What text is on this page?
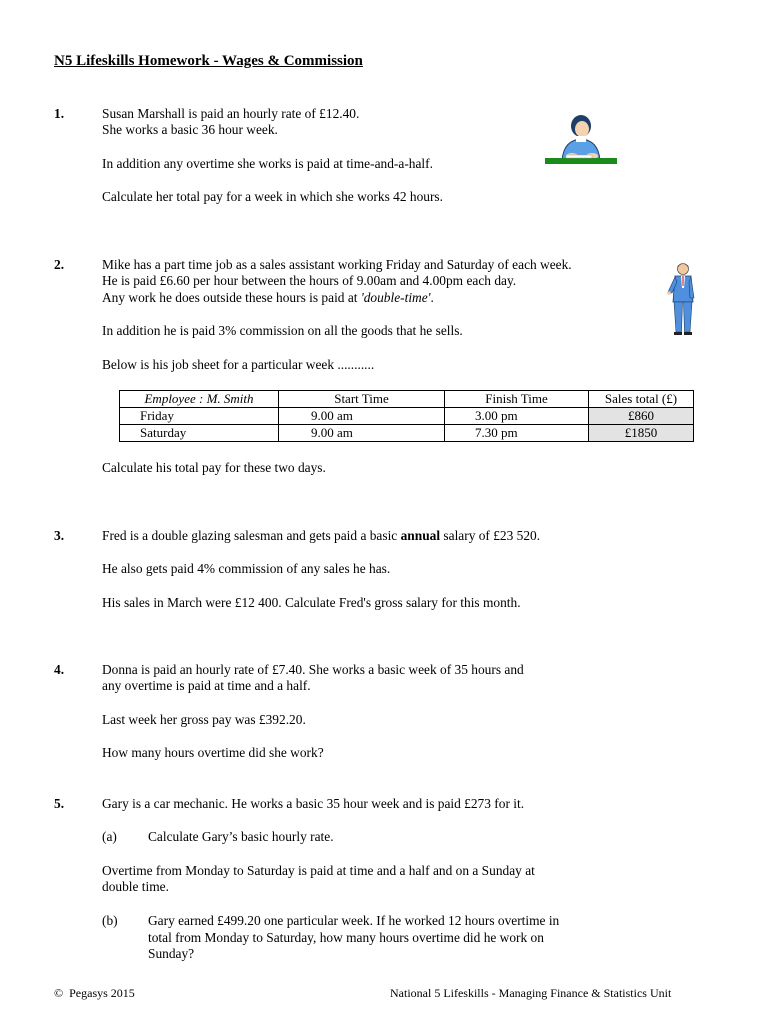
N5 Lifeskills Homework - Wages & Commission
1.	Susan Marshall is paid an hourly rate of £12.40.
She works a basic 36 hour week.
In addition any overtime she works is paid at time-and-a-half.
Calculate her total pay for a week in which she works 42 hours.
2.	Mike has a part time job as a sales assistant working Friday and Saturday of each week.
He is paid £6.60 per hour between the hours of 9.00am and 4.00pm each day.
Any work he does outside these hours is paid at 'double-time'.
In addition he is paid 3% commission on all the goods that he sells.
Below is his job sheet for a particular week ...........
Employee : M. Smith	Start Time	Finish Time	Sales total (£)
Friday	9.00 am	3.00 pm	£860
Saturday	9.00 am	7.30 pm	£1850
Calculate his total pay for these two days.
3.	Fred is a double glazing salesman and gets paid a basic annual salary of £23 520.
He also gets paid 4% commission of any sales he has.
His sales in March were £12 400. Calculate Fred's gross salary for this month.
4.	Donna is paid an hourly rate of £7.40. She works a basic week of 35 hours and
any overtime is paid at time and a half.
Last week her gross pay was £392.20.
How many hours overtime did she work?
5.	Gary is a car mechanic. He works a basic 35 hour week and is paid £273 for it.
(a) Calculate Gary’s basic hourly rate.
Overtime from Monday to Saturday is paid at time and a half and on a Sunday at
double time.
(b) Gary earned £499.20 one particular week. If he worked 12 hours overtime in
total from Monday to Saturday, how many hours overtime did he work on
Sunday?
© Pegasys 2015	National 5 Lifeskills - Managing Finance & Statistics Unit
